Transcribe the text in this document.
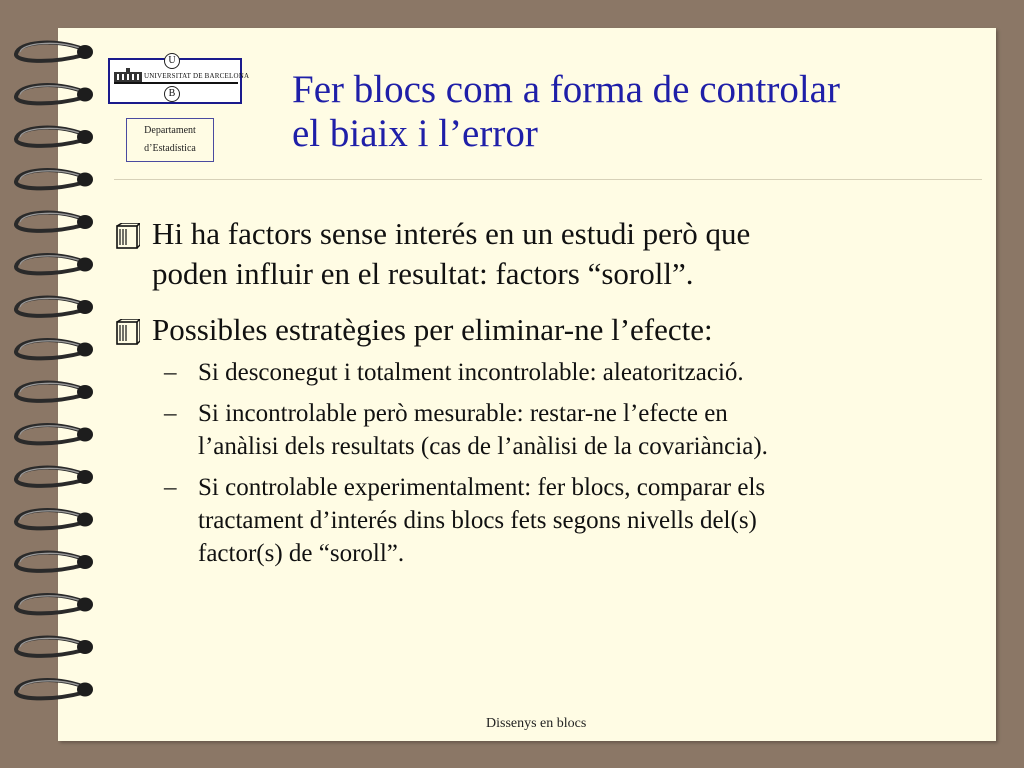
UNIVERSITAT DE BARCELONA
U
B
Departament
d’Estadística
Fer blocs com a forma de controlar
el biaix i l’error
Hi ha factors sense interés en un estudi però que
poden influir en el resultat: factors “soroll”.
Possibles estratègies per eliminar-ne l’efecte:
– Si desconegut i totalment incontrolable: aleatorització.
– Si incontrolable però mesurable: restar-ne l’efecte en
l’anàlisi dels resultats (cas de l’anàlisi de la covariància).
– Si controlable experimentalment: fer blocs, comparar els
tractament d’interés dins blocs fets segons nivells del(s)
factor(s) de “soroll”.
Dissenys en blocs
